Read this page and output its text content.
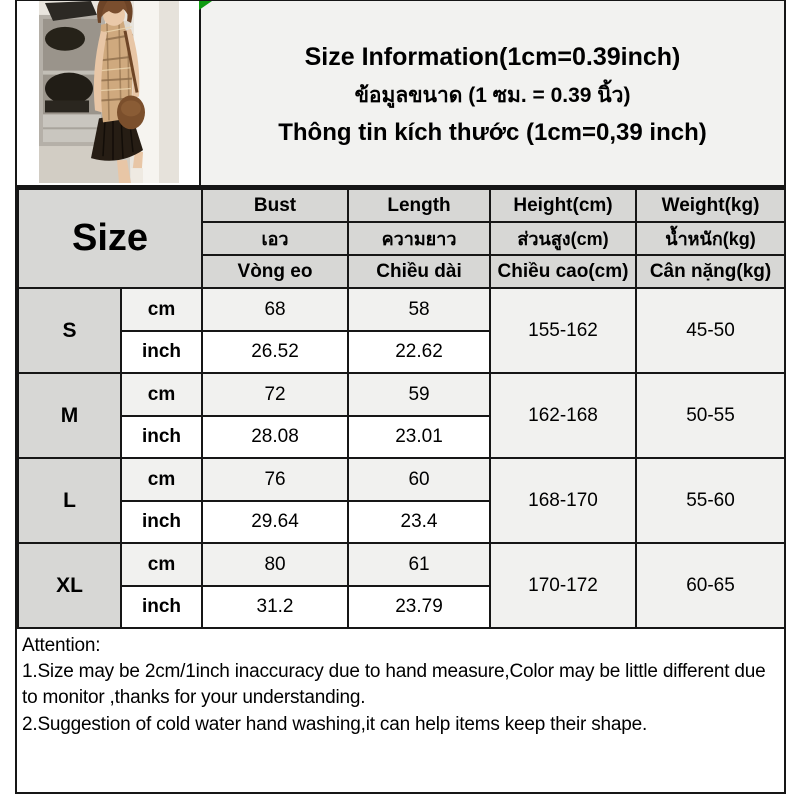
Size Information(1cm=0.39inch)
ข้อมูลขนาด (1 ซม. = 0.39 นิ้ว)
Thông tin kích thước (1cm=0,39 inch)
Size		Bust	Length	Height(cm)	Weight(kg)
		เอว	ความยาว	ส่วนสูง(cm)	น้ำหนัก(kg)
		Vòng eo	Chiều dài	Chiều cao(cm)	Cân nặng(kg)
S	cm	68	58	155-162	45-50
	inch	26.52	22.62		
M	cm	72	59	162-168	50-55
	inch	28.08	23.01		
L	cm	76	60	168-170	55-60
	inch	29.64	23.4		
XL	cm	80	61	170-172	60-65
	inch	31.2	23.79		

Attention:

1.Size may be 2cm/1inch inaccuracy due to hand measure,Color may be little different due to monitor ,thanks for your understanding.

2.Suggestion of cold water hand washing,it can help items keep their shape.
